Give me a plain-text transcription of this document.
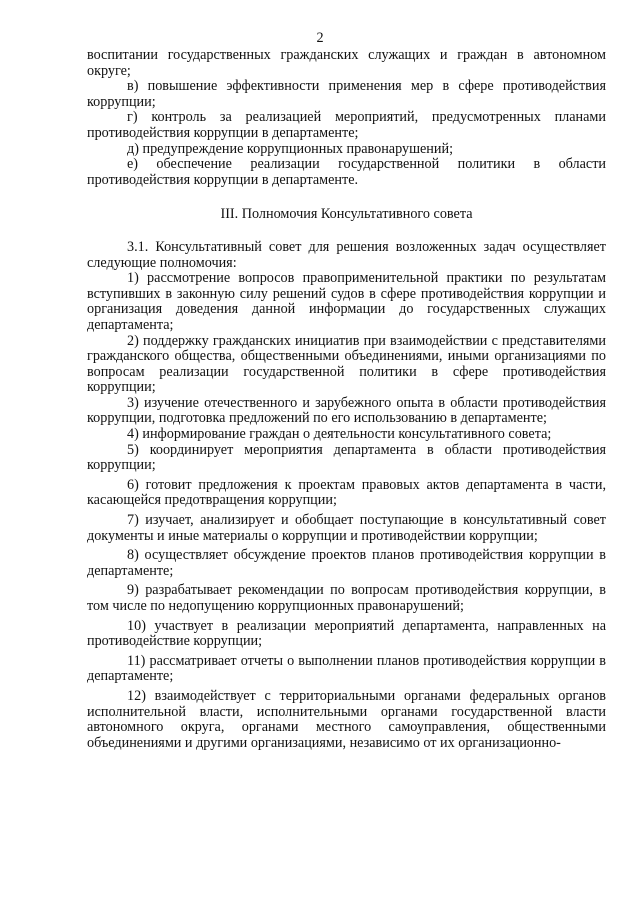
2

воспитании государственных гражданских служащих и граждан в автономном округе;

в) повышение эффективности применения мер в сфере противодействия коррупции;

г) контроль за реализацией мероприятий, предусмотренных планами противодействия коррупции в департаменте;

д) предупреждение коррупционных правонарушений;

е) обеспечение реализации государственной политики в области противодействия коррупции в департаменте.

III. Полномочия Консультативного совета

3.1. Консультативный совет для решения возложенных задач осуществляет следующие полномочия:

1) рассмотрение вопросов правоприменительной практики по результатам вступивших в законную силу решений судов в сфере противодействия коррупции и организация доведения данной информации до государственных служащих департамента;

2) поддержку гражданских инициатив при взаимодействии с представителями гражданского общества, общественными объединениями, иными организациями по вопросам реализации государственной политики в сфере противодействия коррупции;

3) изучение отечественного и зарубежного опыта в области противодействия коррупции, подготовка предложений по его использованию в департаменте;

4) информирование граждан о деятельности консультативного совета;

5) координирует мероприятия департамента в области противодействия коррупции;

6) готовит предложения к проектам правовых актов департамента в части, касающейся предотвращения коррупции;

7) изучает, анализирует и обобщает поступающие в консультативный совет документы и иные материалы о коррупции и противодействии коррупции;

8) осуществляет обсуждение проектов планов противодействия коррупции в департаменте;

9) разрабатывает рекомендации по вопросам противодействия коррупции, в том числе по недопущению коррупционных правонарушений;

10) участвует в реализации мероприятий департамента, направленных на противодействие коррупции;

11) рассматривает отчеты о выполнении планов противодействия коррупции в департаменте;

12) взаимодействует с территориальными органами федеральных органов исполнительной власти, исполнительными органами государственной власти автономного округа, органами местного самоуправления, общественными объединениями и другими организациями, независимо от их организационно-
